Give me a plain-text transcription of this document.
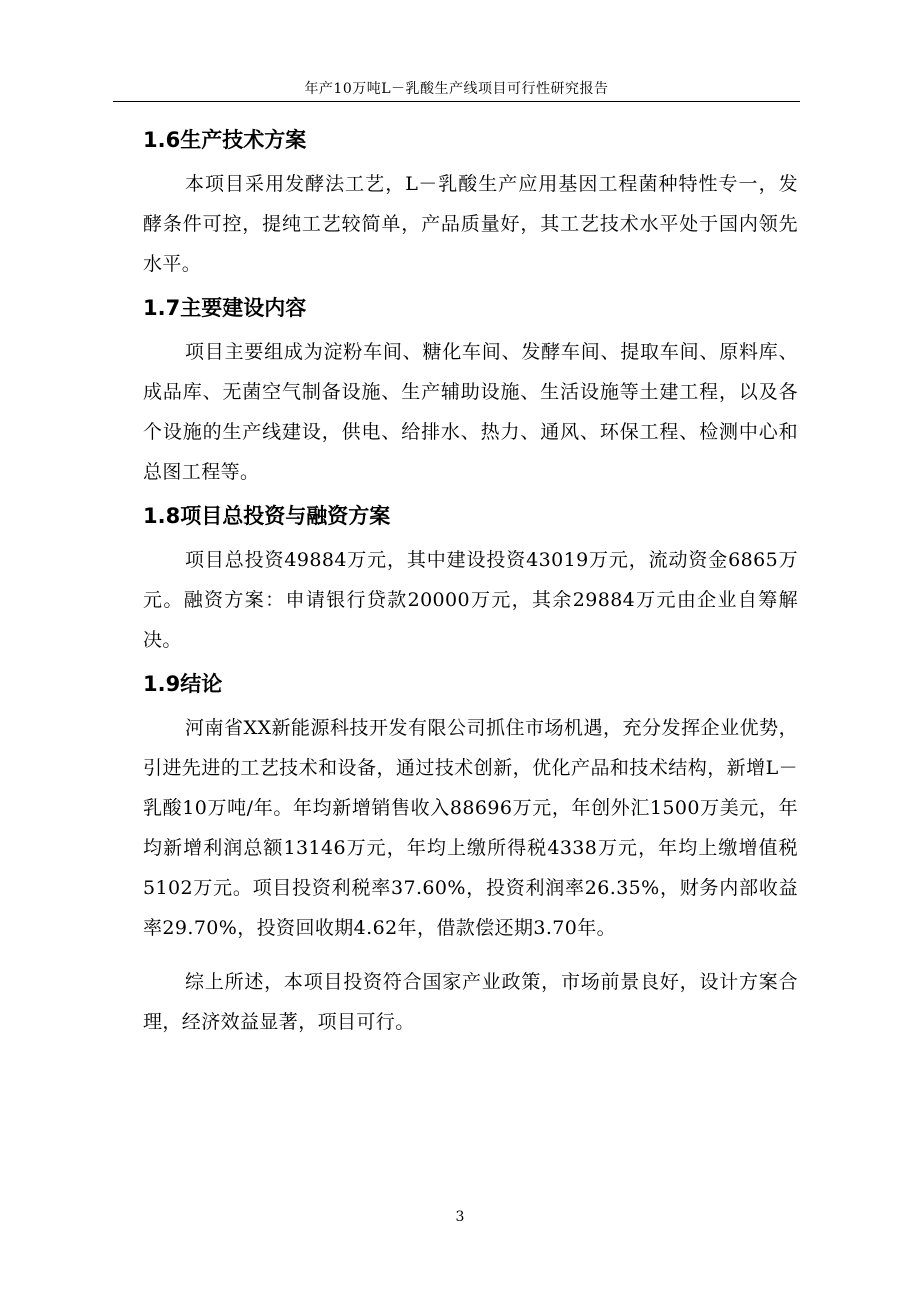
年产10万吨L－乳酸生产线项目可行性研究报告
1.6生产技术方案

本项目采用发酵法工艺，L－乳酸生产应用基因工程菌种特性专一，发酵条件可控，提纯工艺较简单，产品质量好，其工艺技术水平处于国内领先水平。

1.7主要建设内容

项目主要组成为淀粉车间、糖化车间、发酵车间、提取车间、原料库、成品库、无菌空气制备设施、生产辅助设施、生活设施等土建工程，以及各个设施的生产线建设，供电、给排水、热力、通风、环保工程、检测中心和总图工程等。

1.8项目总投资与融资方案

项目总投资49884万元，其中建设投资43019万元，流动资金6865万元。融资方案：申请银行贷款20000万元，其余29884万元由企业自筹解决。

1.9结论

河南省XX新能源科技开发有限公司抓住市场机遇，充分发挥企业优势，引进先进的工艺技术和设备，通过技术创新，优化产品和技术结构，新增L－乳酸10万吨/年。年均新增销售收入88696万元，年创外汇1500万美元，年均新增利润总额13146万元，年均上缴所得税4338万元，年均上缴增值税5102万元。项目投资利税率37.60%，投资利润率26.35%，财务内部收益率29.70%，投资回收期4.62年，借款偿还期3.70年。

综上所述，本项目投资符合国家产业政策，市场前景良好，设计方案合理，经济效益显著，项目可行。

3
